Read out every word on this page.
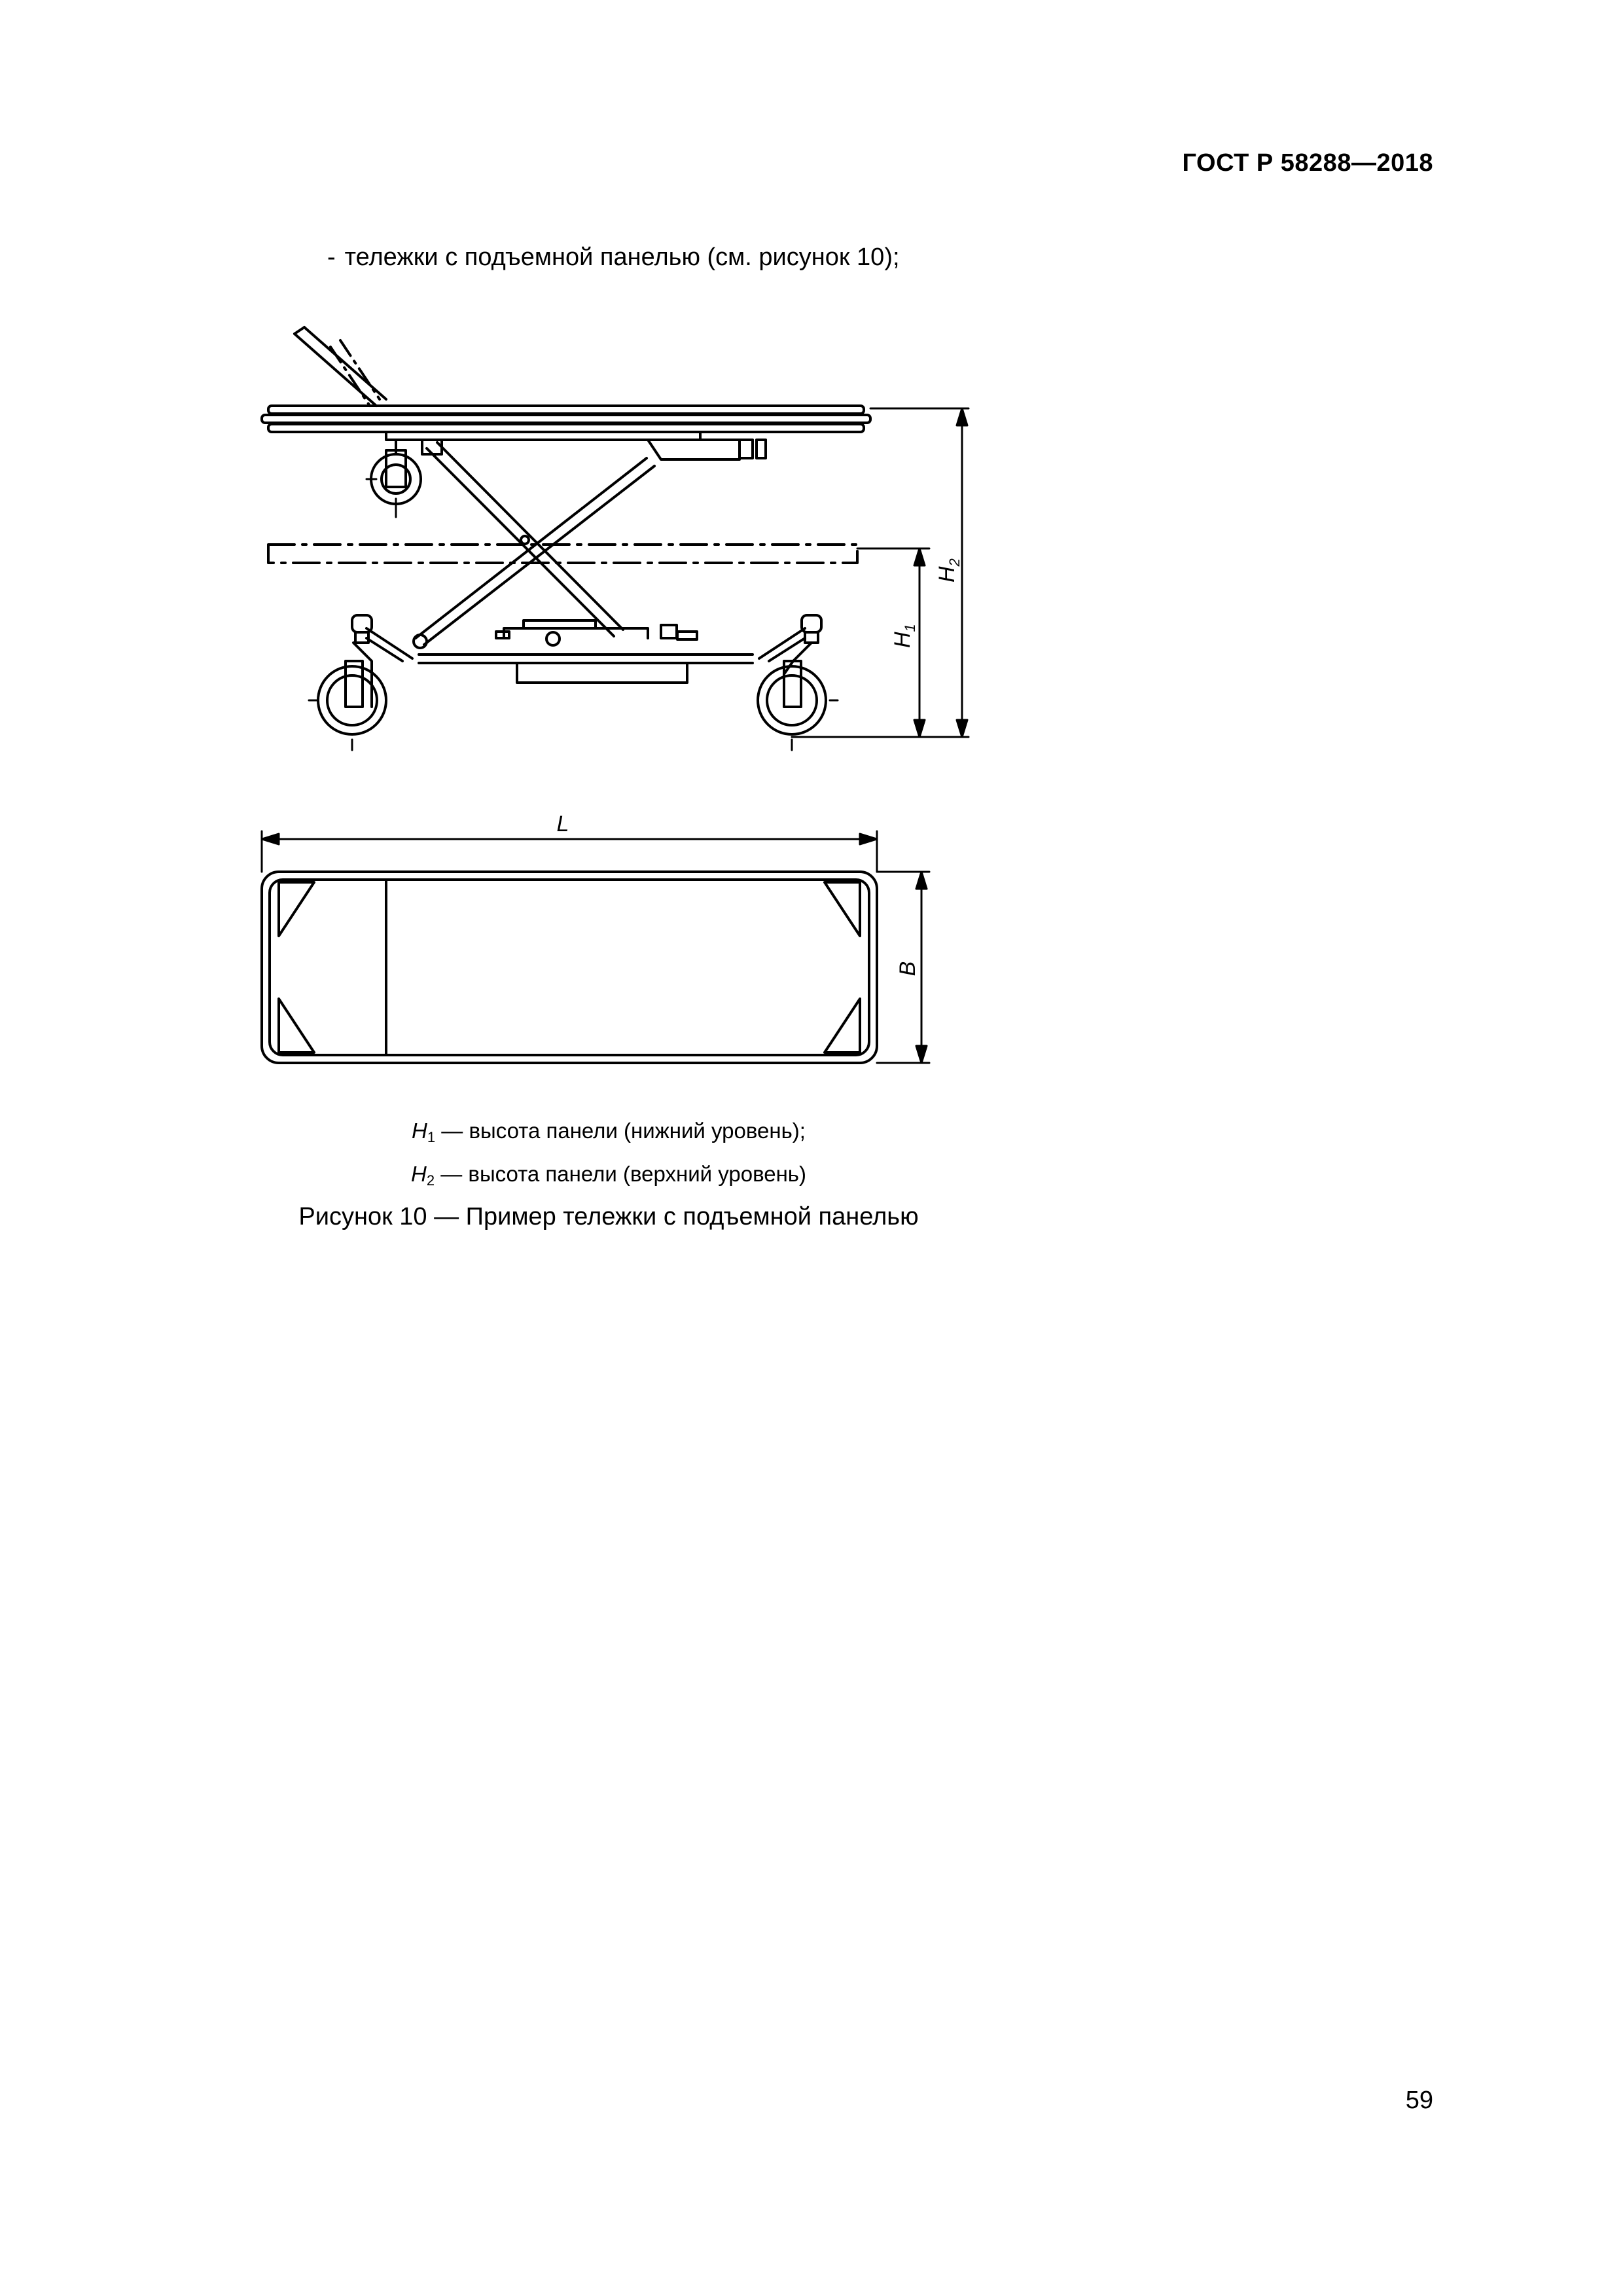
ГОСТ Р 58288—2018
- тележки с подъемной панелью (см. рисунок 10);
$H_1$
$H_2$
L
B
$H_1$ — высота панели (нижний уровень);
$H_2$ — высота панели (верхний уровень)
Рисунок 10 — Пример тележки с подъемной панелью
59
